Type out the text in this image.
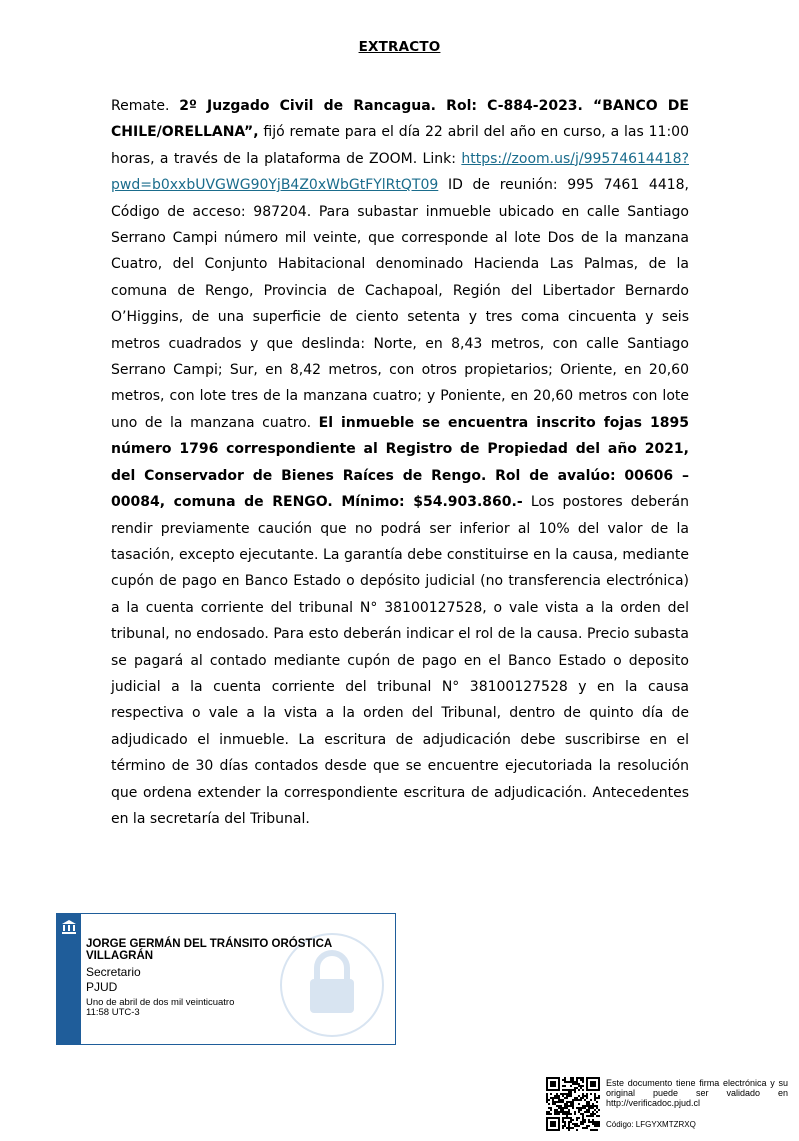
EXTRACTO
Remate. 2º Juzgado Civil de Rancagua. Rol: C-884-2023. “BANCO DE CHILE/ORELLANA”, fijó remate para el día 22 abril del año en curso, a las 11:00 horas, a través de la plataforma de ZOOM. Link: https://zoom.us/j/99574614418?pwd=b0xxbUVGWG90YjB4Z0xWbGtFYlRtQT09 ID de reunión: 995 7461 4418, Código de acceso: 987204. Para subastar inmueble ubicado en calle Santiago Serrano Campi número mil veinte, que corresponde al lote Dos de la manzana Cuatro, del Conjunto Habitacional denominado Hacienda Las Palmas, de la comuna de Rengo, Provincia de Cachapoal, Región del Libertador Bernardo O’Higgins, de una superficie de ciento setenta y tres coma cincuenta y seis metros cuadrados y que deslinda: Norte, en 8,43 metros, con calle Santiago Serrano Campi; Sur, en 8,42 metros, con otros propietarios; Oriente, en 20,60 metros, con lote tres de la manzana cuatro; y Poniente, en 20,60 metros con lote uno de la manzana cuatro. El inmueble se encuentra inscrito fojas 1895 número 1796 correspondiente al Registro de Propiedad del año 2021, del Conservador de Bienes Raíces de Rengo. Rol de avalúo: 00606 – 00084, comuna de RENGO. Mínimo: $54.903.860.- Los postores deberán rendir previamente caución que no podrá ser inferior al 10% del valor de la tasación, excepto ejecutante. La garantía debe constituirse en la causa, mediante cupón de pago en Banco Estado o depósito judicial (no transferencia electrónica) a la cuenta corriente del tribunal N° 38100127528, o vale vista a la orden del tribunal, no endosado. Para esto deberán indicar el rol de la causa. Precio subasta se pagará al contado mediante cupón de pago en el Banco Estado o deposito judicial a la cuenta corriente del tribunal N° 38100127528 y en la causa respectiva o vale a la vista a la orden del Tribunal, dentro de quinto día de adjudicado el inmueble. La escritura de adjudicación debe suscribirse en el término de 30 días contados desde que se encuentre ejecutoriada la resolución que ordena extender la correspondiente escritura de adjudicación. Antecedentes en la secretaría del Tribunal.
JORGE GERMÁN DEL TRÁNSITO ORÓSTICA VILLAGRÁN
Secretario
PJUD
Uno de abril de dos mil veinticuatro
11:58 UTC-3
Este documento tiene firma electrónica y su original puede ser validado en http://verificadoc.pjud.cl
Código: LFGYXMTZRXQ
